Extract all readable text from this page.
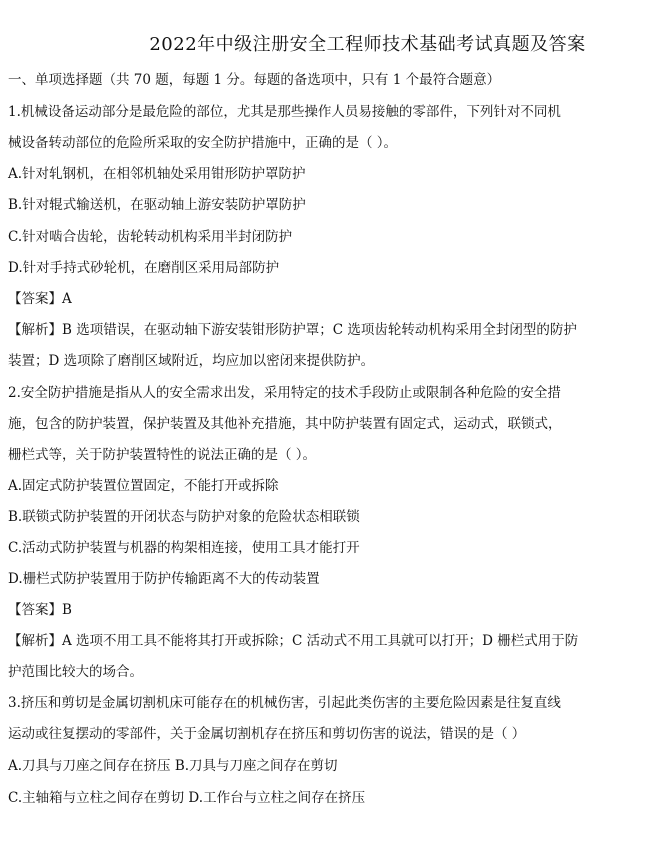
2022年中级注册安全工程师技术基础考试真题及答案
一、单项选择题（共 70 题，每题 1 分。每题的备选项中，只有 1 个最符合题意）
1.机械设备运动部分是最危险的部位，尤其是那些操作人员易接触的零部件，下列针对不同机
械设备转动部位的危险所采取的安全防护措施中，正确的是（ ）。
A.针对轧钢机，在相邻机轴处采用钳形防护罩防护
B.针对辊式输送机，在驱动轴上游安装防护罩防护
C.针对啮合齿轮，齿轮转动机构采用半封闭防护
D.针对手持式砂轮机，在磨削区采用局部防护
【答案】A
【解析】B 选项错误，在驱动轴下游安装钳形防护罩；C 选项齿轮转动机构采用全封闭型的防护
装置；D 选项除了磨削区域附近，均应加以密闭来提供防护。
2.安全防护措施是指从人的安全需求出发，采用特定的技术手段防止或限制各种危险的安全措
施，包含的防护装置，保护装置及其他补充措施，其中防护装置有固定式，运动式，联锁式，
栅栏式等，关于防护装置特性的说法正确的是（ ）。
A.固定式防护装置位置固定，不能打开或拆除
B.联锁式防护装置的开闭状态与防护对象的危险状态相联锁
C.活动式防护装置与机器的构架相连接，使用工具才能打开
D.栅栏式防护装置用于防护传输距离不大的传动装置
【答案】B
【解析】A 选项不用工具不能将其打开或拆除；C 活动式不用工具就可以打开；D 栅栏式用于防
护范围比较大的场合。
3.挤压和剪切是金属切割机床可能存在的机械伤害，引起此类伤害的主要危险因素是往复直线
运动或往复摆动的零部件，关于金属切割机存在挤压和剪切伤害的说法，错误的是（ ）
A.刀具与刀座之间存在挤压 B.刀具与刀座之间存在剪切
C.主轴箱与立柱之间存在剪切 D.工作台与立柱之间存在挤压
